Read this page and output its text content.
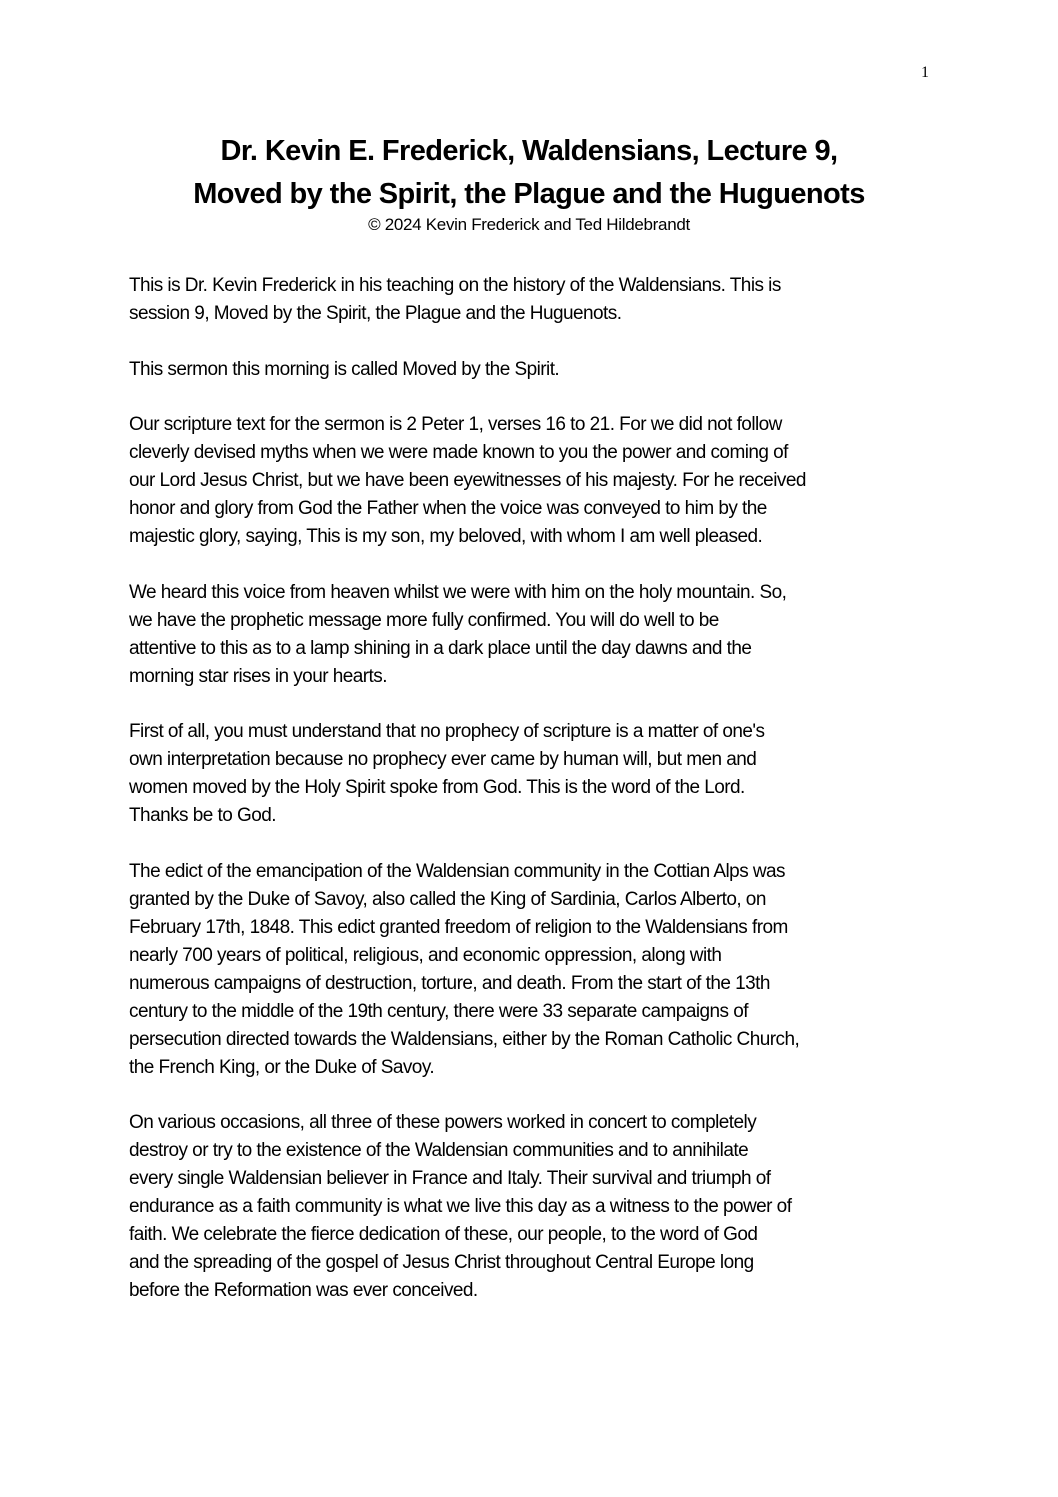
1
Dr. Kevin E. Frederick, Waldensians, Lecture 9,
Moved by the Spirit, the Plague and the Huguenots
© 2024 Kevin Frederick and Ted Hildebrandt

This is Dr. Kevin Frederick in his teaching on the history of the Waldensians. This is
session 9, Moved by the Spirit, the Plague and the Huguenots.

This sermon this morning is called Moved by the Spirit.

Our scripture text for the sermon is 2 Peter 1, verses 16 to 21. For we did not follow
cleverly devised myths when we were made known to you the power and coming of
our Lord Jesus Christ, but we have been eyewitnesses of his majesty. For he received
honor and glory from God the Father when the voice was conveyed to him by the
majestic glory, saying, This is my son, my beloved, with whom I am well pleased.

We heard this voice from heaven whilst we were with him on the holy mountain. So,
we have the prophetic message more fully confirmed. You will do well to be
attentive to this as to a lamp shining in a dark place until the day dawns and the
morning star rises in your hearts.

First of all, you must understand that no prophecy of scripture is a matter of one's
own interpretation because no prophecy ever came by human will, but men and
women moved by the Holy Spirit spoke from God. This is the word of the Lord.
Thanks be to God.

The edict of the emancipation of the Waldensian community in the Cottian Alps was
granted by the Duke of Savoy, also called the King of Sardinia, Carlos Alberto, on
February 17th, 1848. This edict granted freedom of religion to the Waldensians from
nearly 700 years of political, religious, and economic oppression, along with
numerous campaigns of destruction, torture, and death. From the start of the 13th
century to the middle of the 19th century, there were 33 separate campaigns of
persecution directed towards the Waldensians, either by the Roman Catholic Church,
the French King, or the Duke of Savoy.

On various occasions, all three of these powers worked in concert to completely
destroy or try to the existence of the Waldensian communities and to annihilate
every single Waldensian believer in France and Italy. Their survival and triumph of
endurance as a faith community is what we live this day as a witness to the power of
faith. We celebrate the fierce dedication of these, our people, to the word of God
and the spreading of the gospel of Jesus Christ throughout Central Europe long
before the Reformation was ever conceived.
